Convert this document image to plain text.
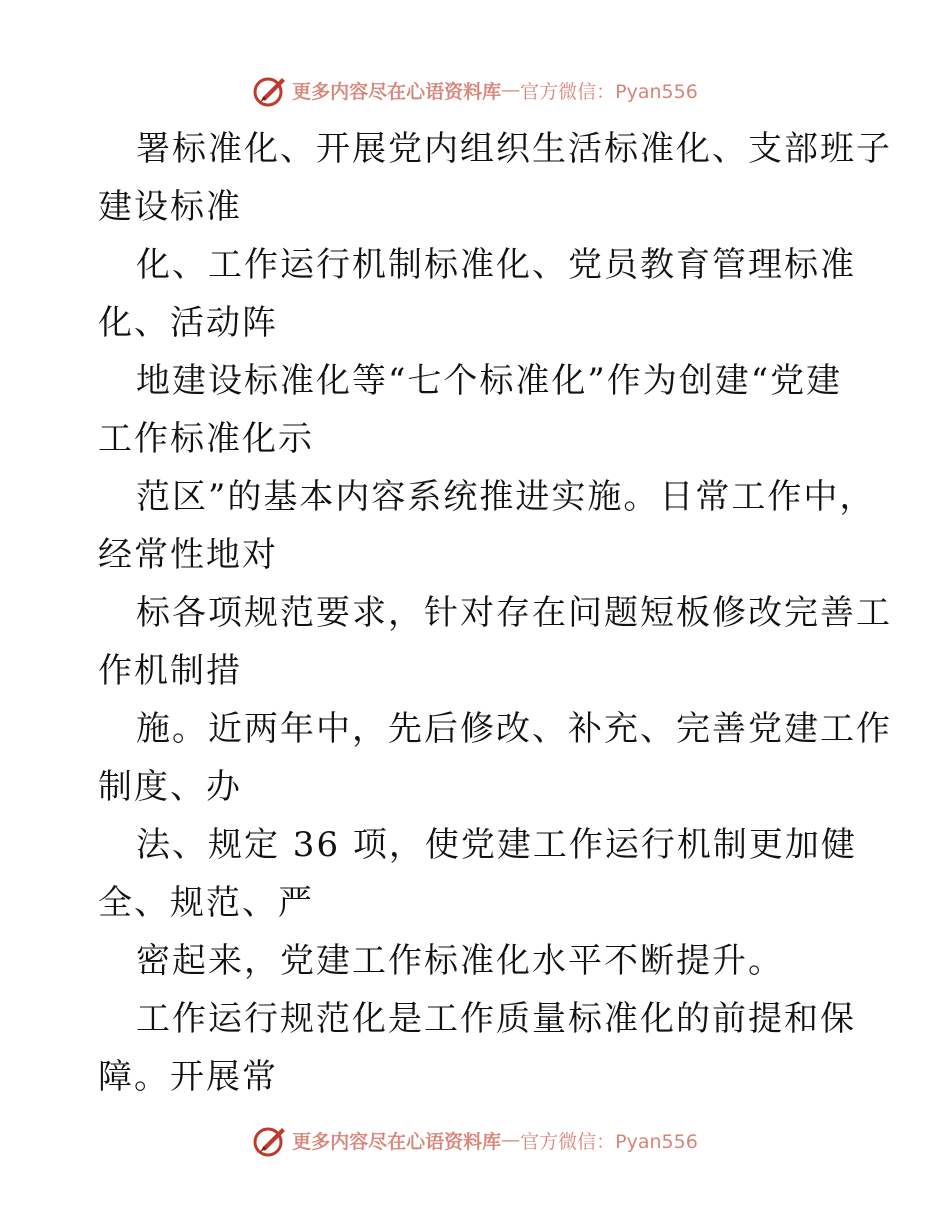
更多内容尽在心语资料库 — 官方微信：Pyan556
署标准化、开展党内组织生活标准化、支部班子
建设标准
化、工作运行机制标准化、党员教育管理标准
化、活动阵
地建设标准化等“七个标准化”作为创建“党建
工作标准化示
范区”的基本内容系统推进实施。日常工作中，
经常性地对
标各项规范要求，针对存在问题短板修改完善工
作机制措
施。近两年中，先后修改、补充、完善党建工作
制度、办
法、规定 36 项，使党建工作运行机制更加健
全、规范、严
密起来，党建工作标准化水平不断提升。
工作运行规范化是工作质量标准化的前提和保
障。开展常
更多内容尽在心语资料库 — 官方微信：Pyan556
